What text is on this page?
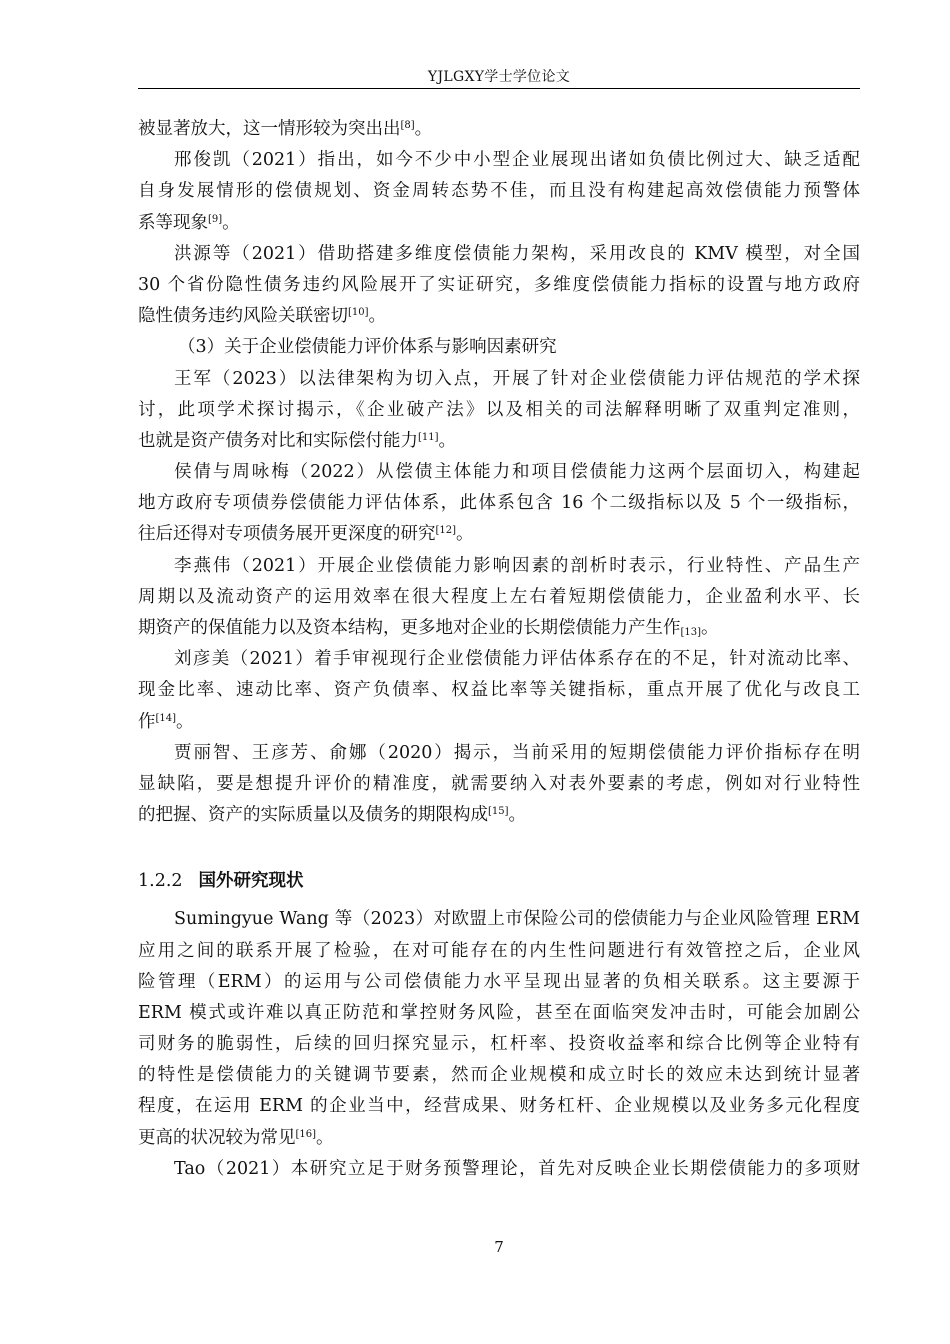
YJLGXY学士学位论文
被显著放大，这一情形较为突出出[8]。
邢俊凯（2021）指出，如今不少中小型企业展现出诸如负债比例过大、缺乏适配
自身发展情形的偿债规划、资金周转态势不佳，而且没有构建起高效偿债能力预警体
系等现象[9]。
洪源等（2021）借助搭建多维度偿债能力架构，采用改良的 KMV 模型，对全国
30 个省份隐性债务违约风险展开了实证研究，多维度偿债能力指标的设置与地方政府
隐性债务违约风险关联密切[10]。
（3）关于企业偿债能力评价体系与影响因素研究
王军（2023）以法律架构为切入点，开展了针对企业偿债能力评估规范的学术探
讨，此项学术探讨揭示，《企业破产法》以及相关的司法解释明晰了双重判定准则，
也就是资产债务对比和实际偿付能力[11]。
侯倩与周咏梅（2022）从偿债主体能力和项目偿债能力这两个层面切入，构建起
地方政府专项债券偿债能力评估体系，此体系包含 16 个二级指标以及 5 个一级指标，
往后还得对专项债务展开更深度的研究[12]。
李燕伟（2021）开展企业偿债能力影响因素的剖析时表示，行业特性、产品生产
周期以及流动资产的运用效率在很大程度上左右着短期偿债能力，企业盈利水平、长
期资产的保值能力以及资本结构，更多地对企业的长期偿债能力产生作$_{[13]}$。
刘彦美（2021）着手审视现行企业偿债能力评估体系存在的不足，针对流动比率、
现金比率、速动比率、资产负债率、权益比率等关键指标，重点开展了优化与改良工
作[14]。
贾丽智、王彦芳、俞娜（2020）揭示，当前采用的短期偿债能力评价指标存在明
显缺陷，要是想提升评价的精准度，就需要纳入对表外要素的考虑，例如对行业特性
的把握、资产的实际质量以及债务的期限构成[15]。
1.2.2 国外研究现状
Sumingyue Wang 等（2023）对欧盟上市保险公司的偿债能力与企业风险管理 ERM
应用之间的联系开展了检验，在对可能存在的内生性问题进行有效管控之后，企业风
险管理（ERM）的运用与公司偿债能力水平呈现出显著的负相关联系。这主要源于
ERM 模式或许难以真正防范和掌控财务风险，甚至在面临突发冲击时，可能会加剧公
司财务的脆弱性，后续的回归探究显示，杠杆率、投资收益率和综合比例等企业特有
的特性是偿债能力的关键调节要素，然而企业规模和成立时长的效应未达到统计显著
程度，在运用 ERM 的企业当中，经营成果、财务杠杆、企业规模以及业务多元化程度
更高的状况较为常见[16]。
Tao（2021）本研究立足于财务预警理论，首先对反映企业长期偿债能力的多项财
7
